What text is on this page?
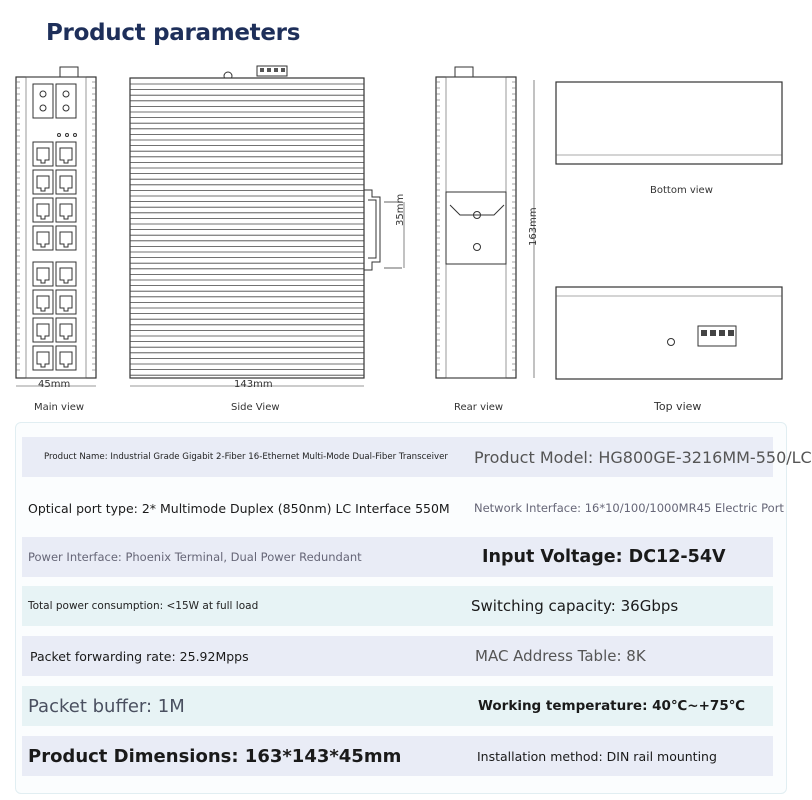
Product parameters
45mm	143mm
35mm	163mm
Main view	Side View	Rear view
Bottom view
Top view
Product Name: Industrial Grade Gigabit 2-Fiber 16-Ethernet Multi-Mode Dual-Fiber Transceiver	Product Model: HG800GE-3216MM-550/LC
Optical port type: 2* Multimode Duplex (850nm) LC Interface 550M	Network Interface: 16*10/100/1000MR45 Electric Port
Power Interface: Phoenix Terminal, Dual Power Redundant	Input Voltage: DC12-54V
Total power consumption: <15W at full load	Switching capacity: 36Gbps
Packet forwarding rate: 25.92Mpps	MAC Address Table: 8K
Packet buffer: 1M	Working temperature: 40℃~+75℃
Product Dimensions: 163*143*45mm	Installation method: DIN rail mounting
